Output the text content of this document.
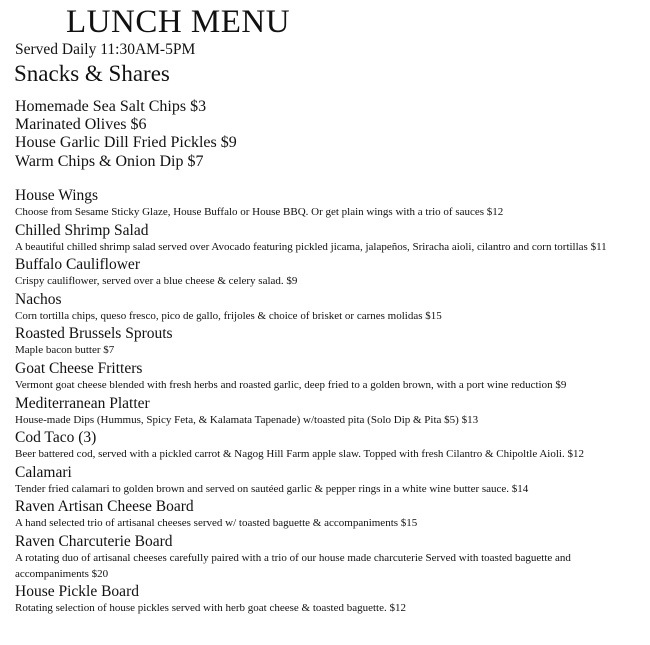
LUNCH MENU
Served Daily 11:30AM-5PM
Snacks & Shares
Homemade Sea Salt Chips $3
Marinated Olives $6
House Garlic Dill Fried Pickles $9
Warm Chips & Onion Dip $7
House Wings
Choose from Sesame Sticky Glaze, House Buffalo or House BBQ. Or get plain wings with a trio of sauces $12
Chilled Shrimp Salad
A beautiful chilled shrimp salad served over Avocado featuring pickled jicama, jalapeños, Sriracha aioli, cilantro and corn tortillas $11
Buffalo Cauliflower
Crispy cauliflower, served over a blue cheese & celery salad. $9
Nachos
Corn tortilla chips, queso fresco, pico de gallo, frijoles & choice of brisket or carnes molidas $15
Roasted Brussels Sprouts
Maple bacon butter $7
Goat Cheese Fritters
Vermont goat cheese blended with fresh herbs and roasted garlic, deep fried to a golden brown, with a port wine reduction $9
Mediterranean Platter
House-made Dips (Hummus, Spicy Feta, & Kalamata Tapenade) w/toasted pita (Solo Dip & Pita $5) $13
Cod Taco (3)
Beer battered cod, served with a pickled carrot & Nagog Hill Farm apple slaw. Topped with fresh Cilantro & Chipoltle Aioli. $12
Calamari
Tender fried calamari to golden brown and served on sautéed garlic & pepper rings in a white wine butter sauce. $14
Raven Artisan Cheese Board
A hand selected trio of artisanal cheeses served w/ toasted baguette & accompaniments $15
Raven Charcuterie Board
A rotating duo of artisanal cheeses carefully paired with a trio of our house made charcuterie Served with toasted baguette and accompaniments $20
House Pickle Board
Rotating selection of house pickles served with herb goat cheese & toasted baguette. $12
